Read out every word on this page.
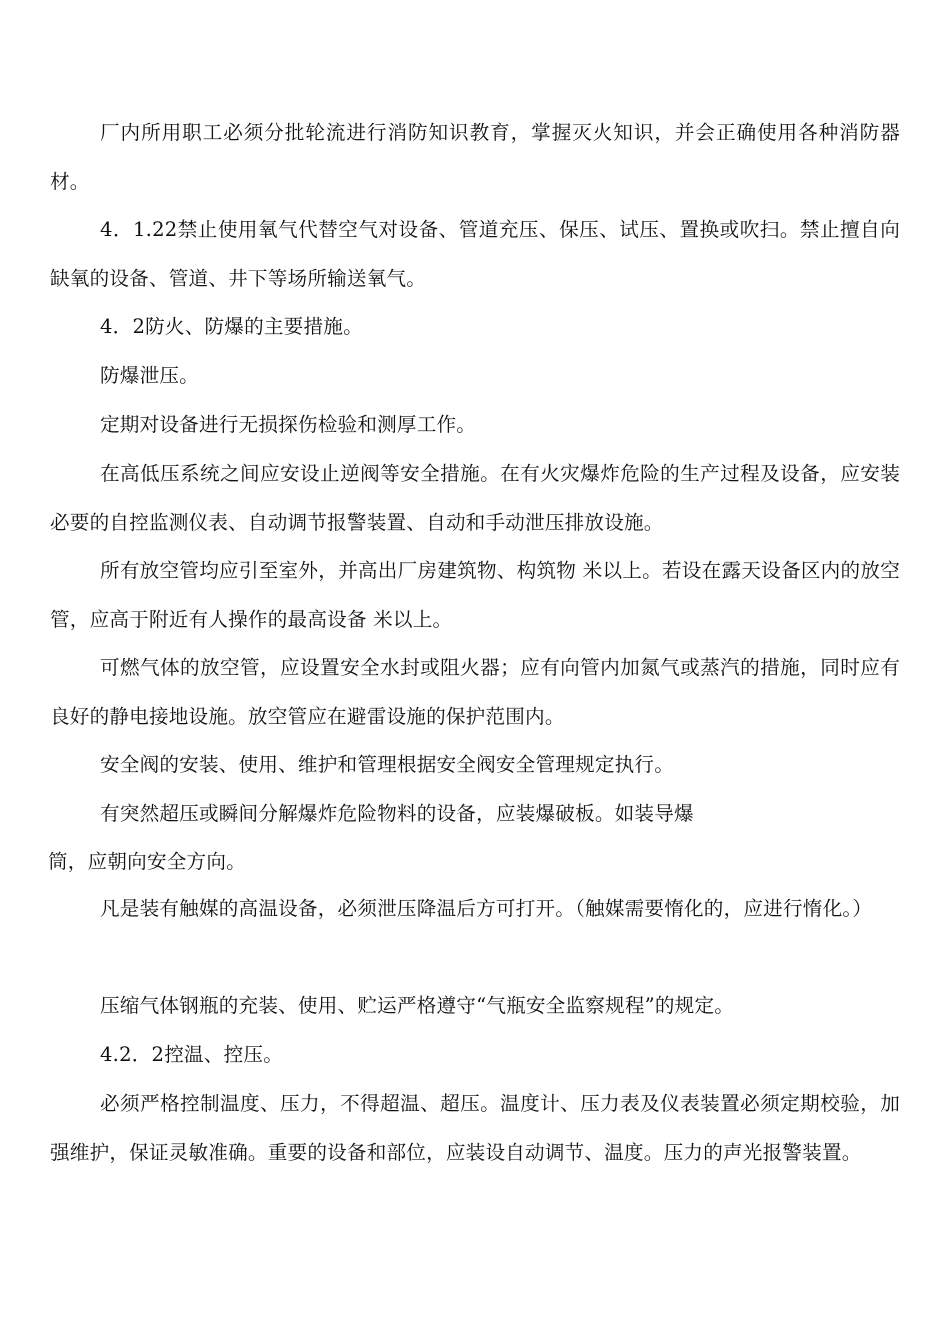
厂内所用职工必须分批轮流进行消防知识教育，掌握灭火知识，并会正确使用各种消防器材。

4．1.22禁止使用氧气代替空气对设备、管道充压、保压、试压、置换或吹扫。禁止擅自向缺氧的设备、管道、井下等场所输送氧气。

4．2防火、防爆的主要措施。

防爆泄压。

定期对设备进行无损探伤检验和测厚工作。

在高低压系统之间应安设止逆阀等安全措施。在有火灾爆炸危险的生产过程及设备，应安装必要的自控监测仪表、自动调节报警装置、自动和手动泄压排放设施。

所有放空管均应引至室外，并高出厂房建筑物、构筑物 米以上。若设在露天设备区内的放空管，应高于附近有人操作的最高设备 米以上。

可燃气体的放空管，应设置安全水封或阻火器；应有向管内加氮气或蒸汽的措施，同时应有良好的静电接地设施。放空管应在避雷设施的保护范围内。

安全阀的安装、使用、维护和管理根据安全阀安全管理规定执行。

有突然超压或瞬间分解爆炸危险物料的设备，应装爆破板。如装导爆

筒，应朝向安全方向。

凡是装有触媒的高温设备，必须泄压降温后方可打开。（触媒需要惰化的，应进行惰化。）

压缩气体钢瓶的充装、使用、贮运严格遵守“气瓶安全监察规程”的规定。

4.2．2控温、控压。

必须严格控制温度、压力，不得超温、超压。温度计、压力表及仪表装置必须定期校验，加强维护，保证灵敏准确。重要的设备和部位，应装设自动调节、温度。压力的声光报警装置。
